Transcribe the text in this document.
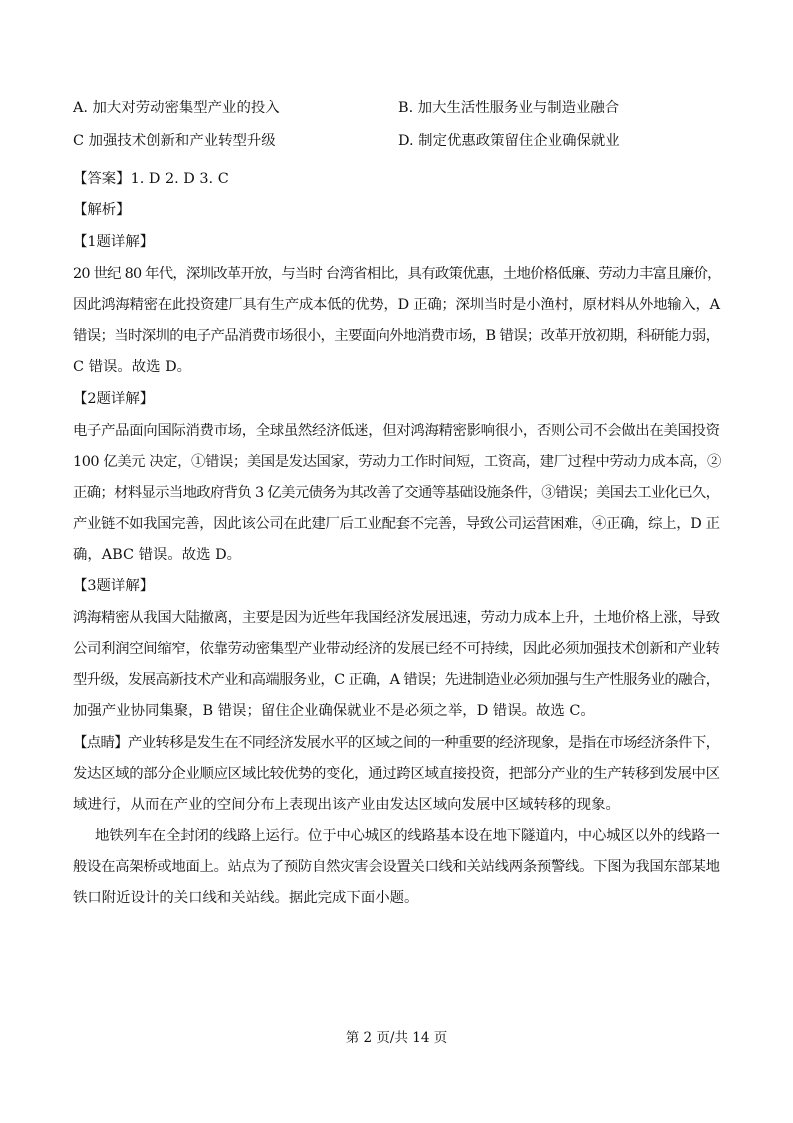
A. 加大对劳动密集型产业的投入	B. 加大生活性服务业与制造业融合
C 加强技术创新和产业转型升级	D. 制定优惠政策留住企业确保就业
【答案】1. D 2. D 3. C
【解析】
【1题详解】
20 世纪 80 年代，深圳改革开放，与当时 台湾省相比，具有政策优惠，土地价格低廉、劳动力丰富且廉价，
因此鸿海精密在此投资建厂具有生产成本低的优势，D 正确；深圳当时是小渔村，原材料从外地输入，A
错误；当时深圳的电子产品消费市场很小，主要面向外地消费市场，B 错误；改革开放初期，科研能力弱，
C 错误。故选 D。
【2题详解】
电子产品面向国际消费市场，全球虽然经济低迷，但对鸿海精密影响很小，否则公司不会做出在美国投资
100 亿美元 决定，①错误；美国是发达国家，劳动力工作时间短，工资高，建厂过程中劳动力成本高，②
正确；材料显示当地政府背负 3 亿美元债务为其改善了交通等基础设施条件，③错误；美国去工业化已久，
产业链不如我国完善，因此该公司在此建厂后工业配套不完善，导致公司运营困难，④正确，综上，D 正
确，ABC 错误。故选 D。
【3题详解】
鸿海精密从我国大陆撤离，主要是因为近些年我国经济发展迅速，劳动力成本上升，土地价格上涨，导致
公司利润空间缩窄，依靠劳动密集型产业带动经济的发展已经不可持续，因此必须加强技术创新和产业转
型升级，发展高新技术产业和高端服务业，C 正确，A 错误；先进制造业必须加强与生产性服务业的融合，
加强产业协同集聚，B 错误；留住企业确保就业不是必须之举，D 错误。故选 C。
【点睛】产业转移是发生在不同经济发展水平的区域之间的一种重要的经济现象，是指在市场经济条件下，
发达区域的部分企业顺应区域比较优势的变化，通过跨区域直接投资，把部分产业的生产转移到发展中区
域进行，从而在产业的空间分布上表现出该产业由发达区域向发展中区域转移的现象。
地铁列车在全封闭的线路上运行。位于中心城区的线路基本设在地下隧道内，中心城区以外的线路一
般设在高架桥或地面上。站点为了预防自然灾害会设置关口线和关站线两条预警线。下图为我国东部某地
铁口附近设计的关口线和关站线。据此完成下面小题。
第 2 页/共 14 页
